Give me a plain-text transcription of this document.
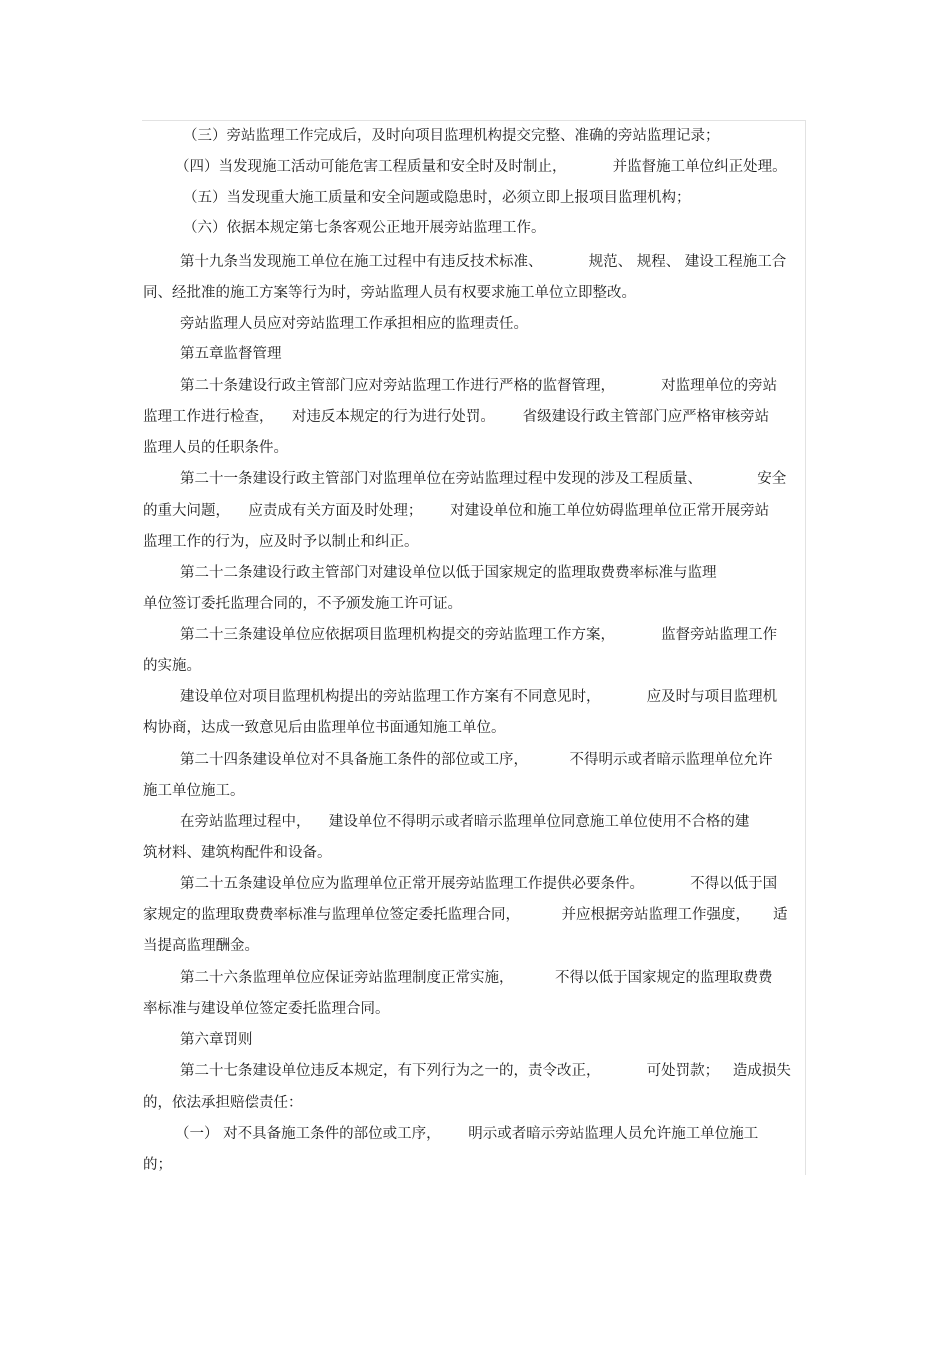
（三）旁站监理工作完成后，及时向项目监理机构提交完整、准确的旁站监理记录；
（四）当发现施工活动可能危害工程质量和安全时及时制止，          并监督施工单位纠正处理。
（五）当发现重大施工质量和安全问题或隐患时，必须立即上报项目监理机构；
（六）依据本规定第七条客观公正地开展旁站监理工作。
第十九条当发现施工单位在施工过程中有违反技术标准、          规范、 规程、 建设工程施工合
同、经批准的施工方案等行为时，旁站监理人员有权要求施工单位立即整改。
旁站监理人员应对旁站监理工作承担相应的监理责任。
第五章监督管理
第二十条建设行政主管部门应对旁站监理工作进行严格的监督管理，          对监理单位的旁站
监理工作进行检查，    对违反本规定的行为进行处罚。      省级建设行政主管部门应严格审核旁站
监理人员的任职条件。
第二十一条建设行政主管部门对监理单位在旁站监理过程中发现的涉及工程质量、            安全
的重大问题，    应责成有关方面及时处理；      对建设单位和施工单位妨碍监理单位正常开展旁站
监理工作的行为，应及时予以制止和纠正。
第二十二条建设行政主管部门对建设单位以低于国家规定的监理取费费率标准与监理
单位签订委托监理合同的，不予颁发施工许可证。
第二十三条建设单位应依据项目监理机构提交的旁站监理工作方案，          监督旁站监理工作
的实施。
建设单位对项目监理机构提出的旁站监理工作方案有不同意见时，          应及时与项目监理机
构协商，达成一致意见后由监理单位书面通知施工单位。
第二十四条建设单位对不具备施工条件的部位或工序，         不得明示或者暗示监理单位允许
施工单位施工。
在旁站监理过程中，    建设单位不得明示或者暗示监理单位同意施工单位使用不合格的建
筑材料、建筑构配件和设备。
第二十五条建设单位应为监理单位正常开展旁站监理工作提供必要条件。          不得以低于国
家规定的监理取费费率标准与监理单位签定委托监理合同，         并应根据旁站监理工作强度，     适
当提高监理酬金。
第二十六条监理单位应保证旁站监理制度正常实施，         不得以低于国家规定的监理取费费
率标准与建设单位签定委托监理合同。
第六章罚则
第二十七条建设单位违反本规定，有下列行为之一的，责令改正，          可处罚款；   造成损失
的，依法承担赔偿责任：
（一） 对不具备施工条件的部位或工序，      明示或者暗示旁站监理人员允许施工单位施工
的；
